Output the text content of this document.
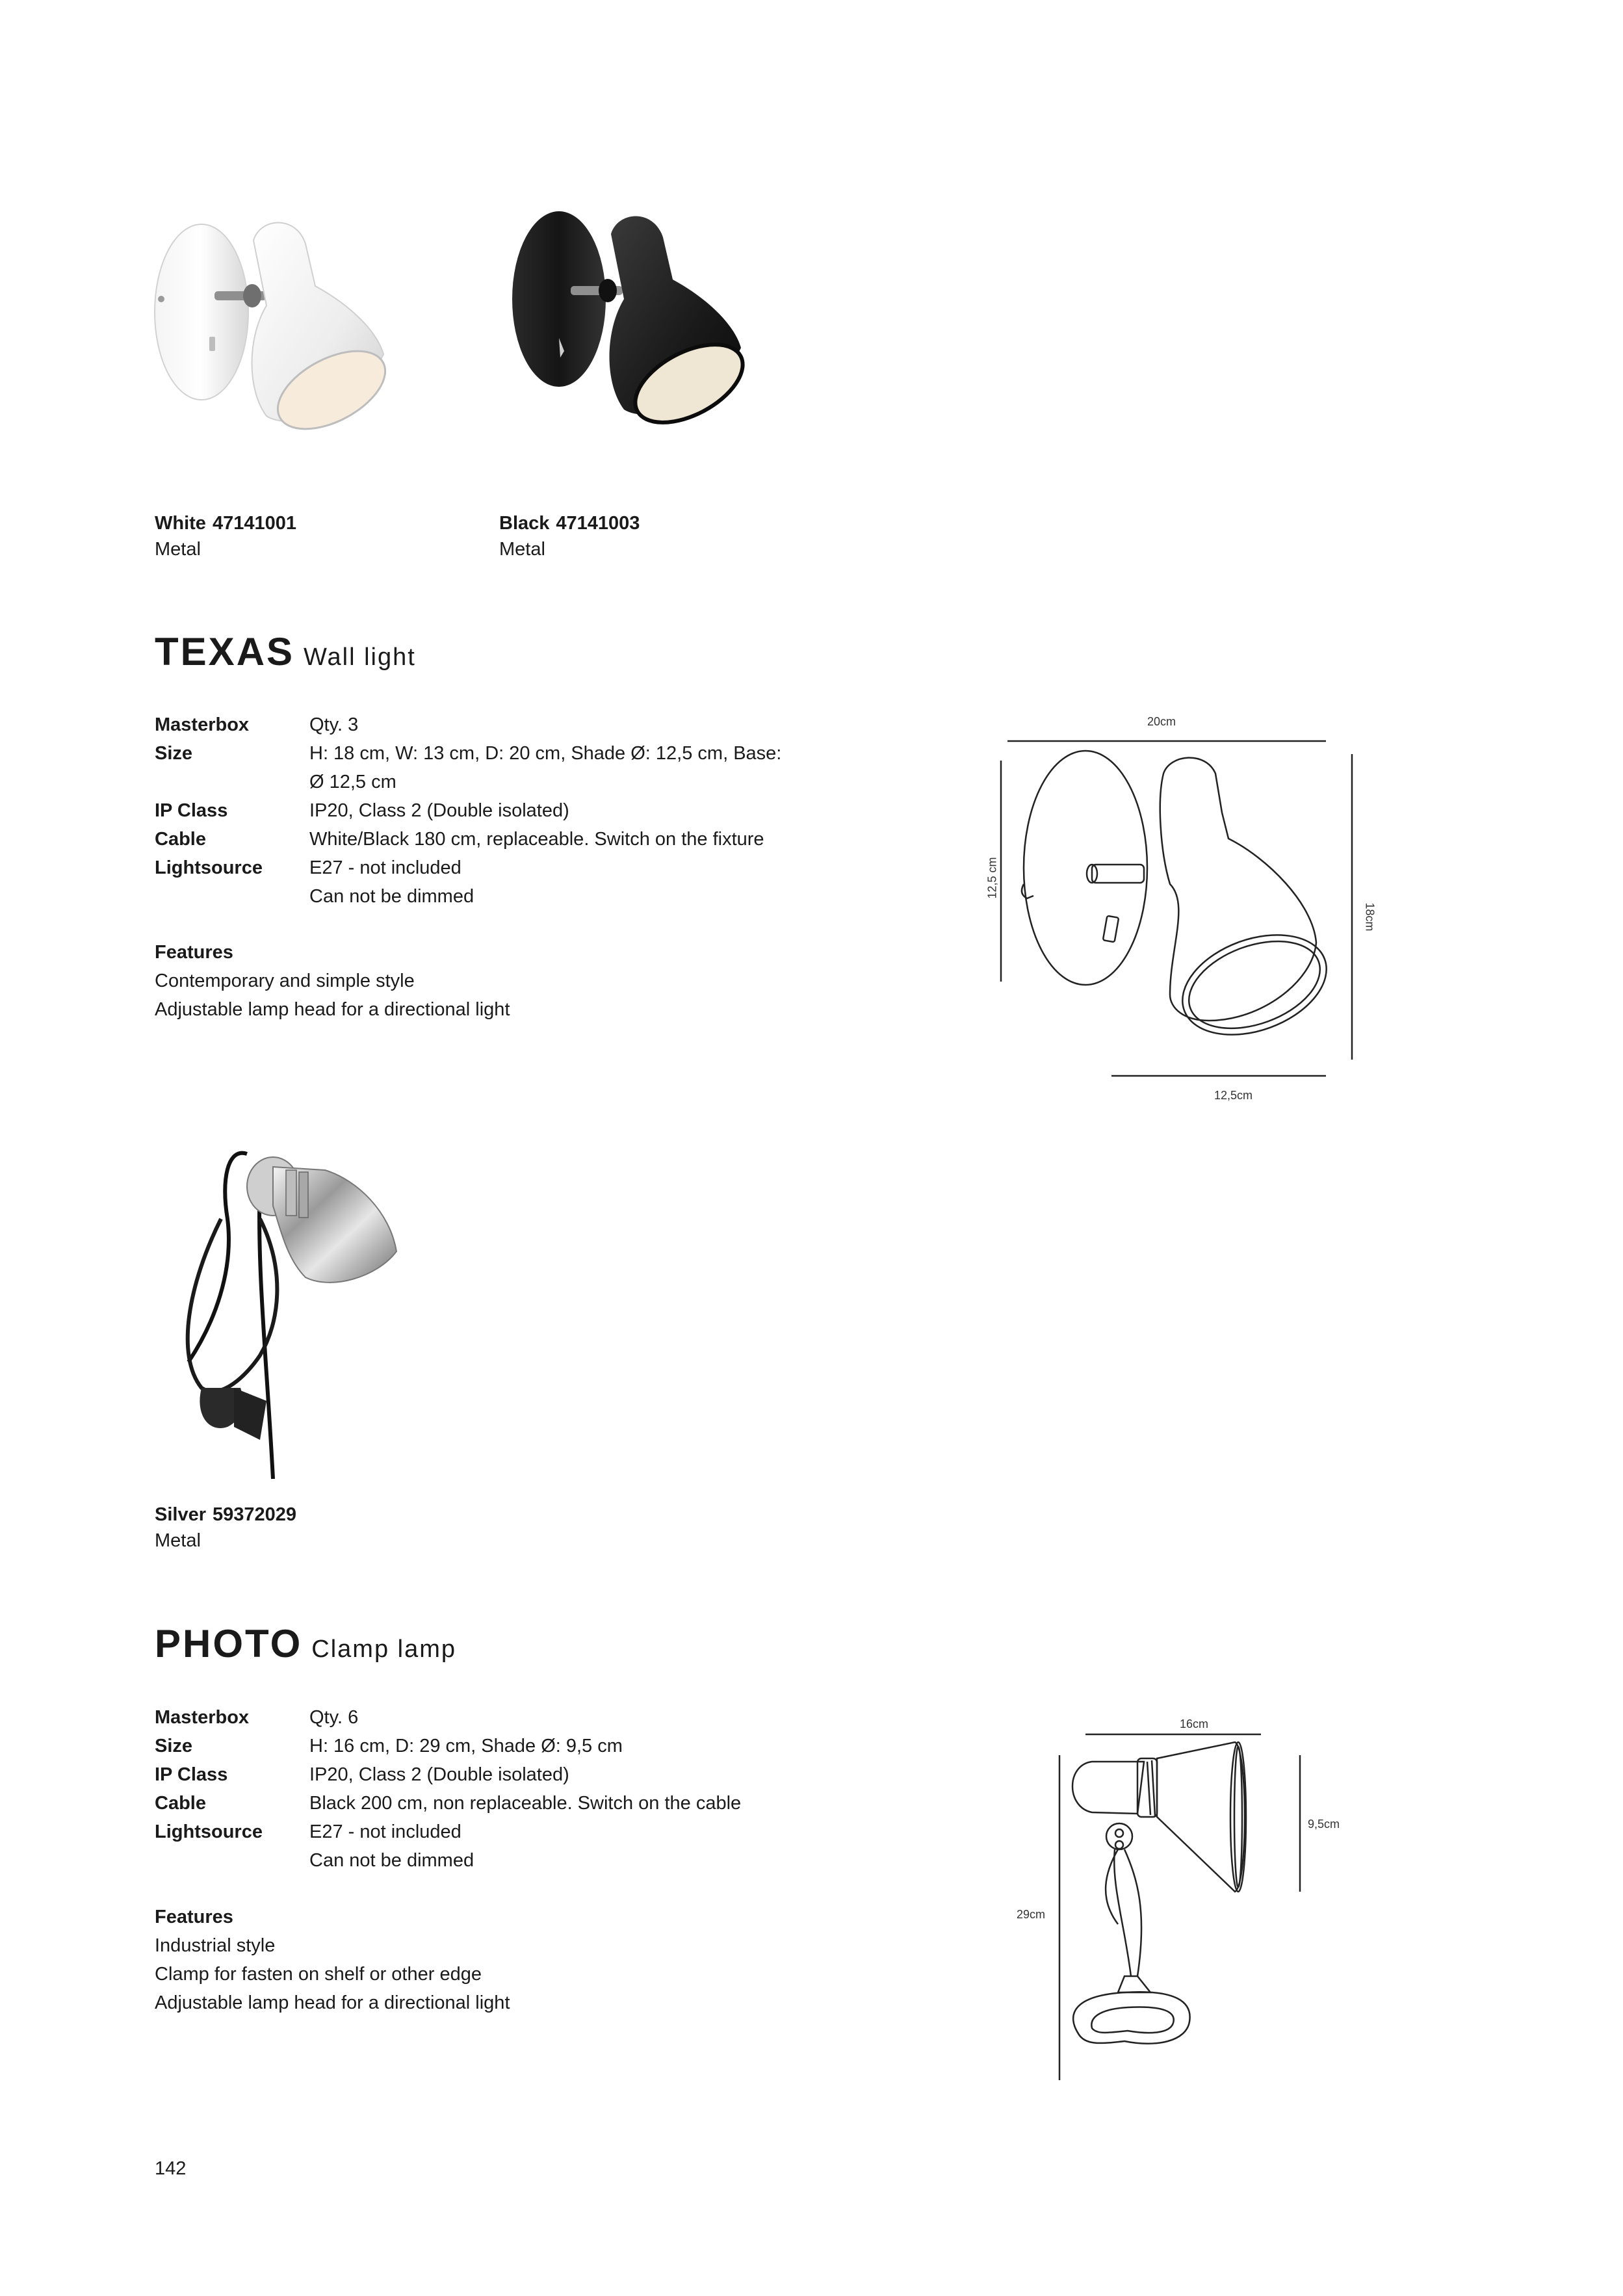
White 47141001
Metal
Black 47141003
Metal
TEXAS Wall light
Masterbox	Qty. 3
Size	H: 18 cm, W: 13 cm, D: 20 cm, Shade Ø: 12,5 cm, Base:
Ø 12,5 cm
IP Class	IP20, Class 2 (Double isolated)
Cable	White/Black 180 cm, replaceable. Switch on the fixture
Lightsource	E27 - not included
Can not be dimmed
Features
Contemporary and simple style
Adjustable lamp head for a directional light
20cm
12,5 cm
18cm
12,5cm
Silver 59372029
Metal
PHOTO Clamp lamp
Masterbox	Qty. 6
Size	H: 16 cm, D: 29 cm, Shade Ø: 9,5 cm
IP Class	IP20, Class 2 (Double isolated)
Cable	Black 200 cm, non replaceable. Switch on the cable
Lightsource	E27 - not included
Can not be dimmed
Features
Industrial style
Clamp for fasten on shelf or other edge
Adjustable lamp head for a directional light
16cm
9,5cm
29cm
142
